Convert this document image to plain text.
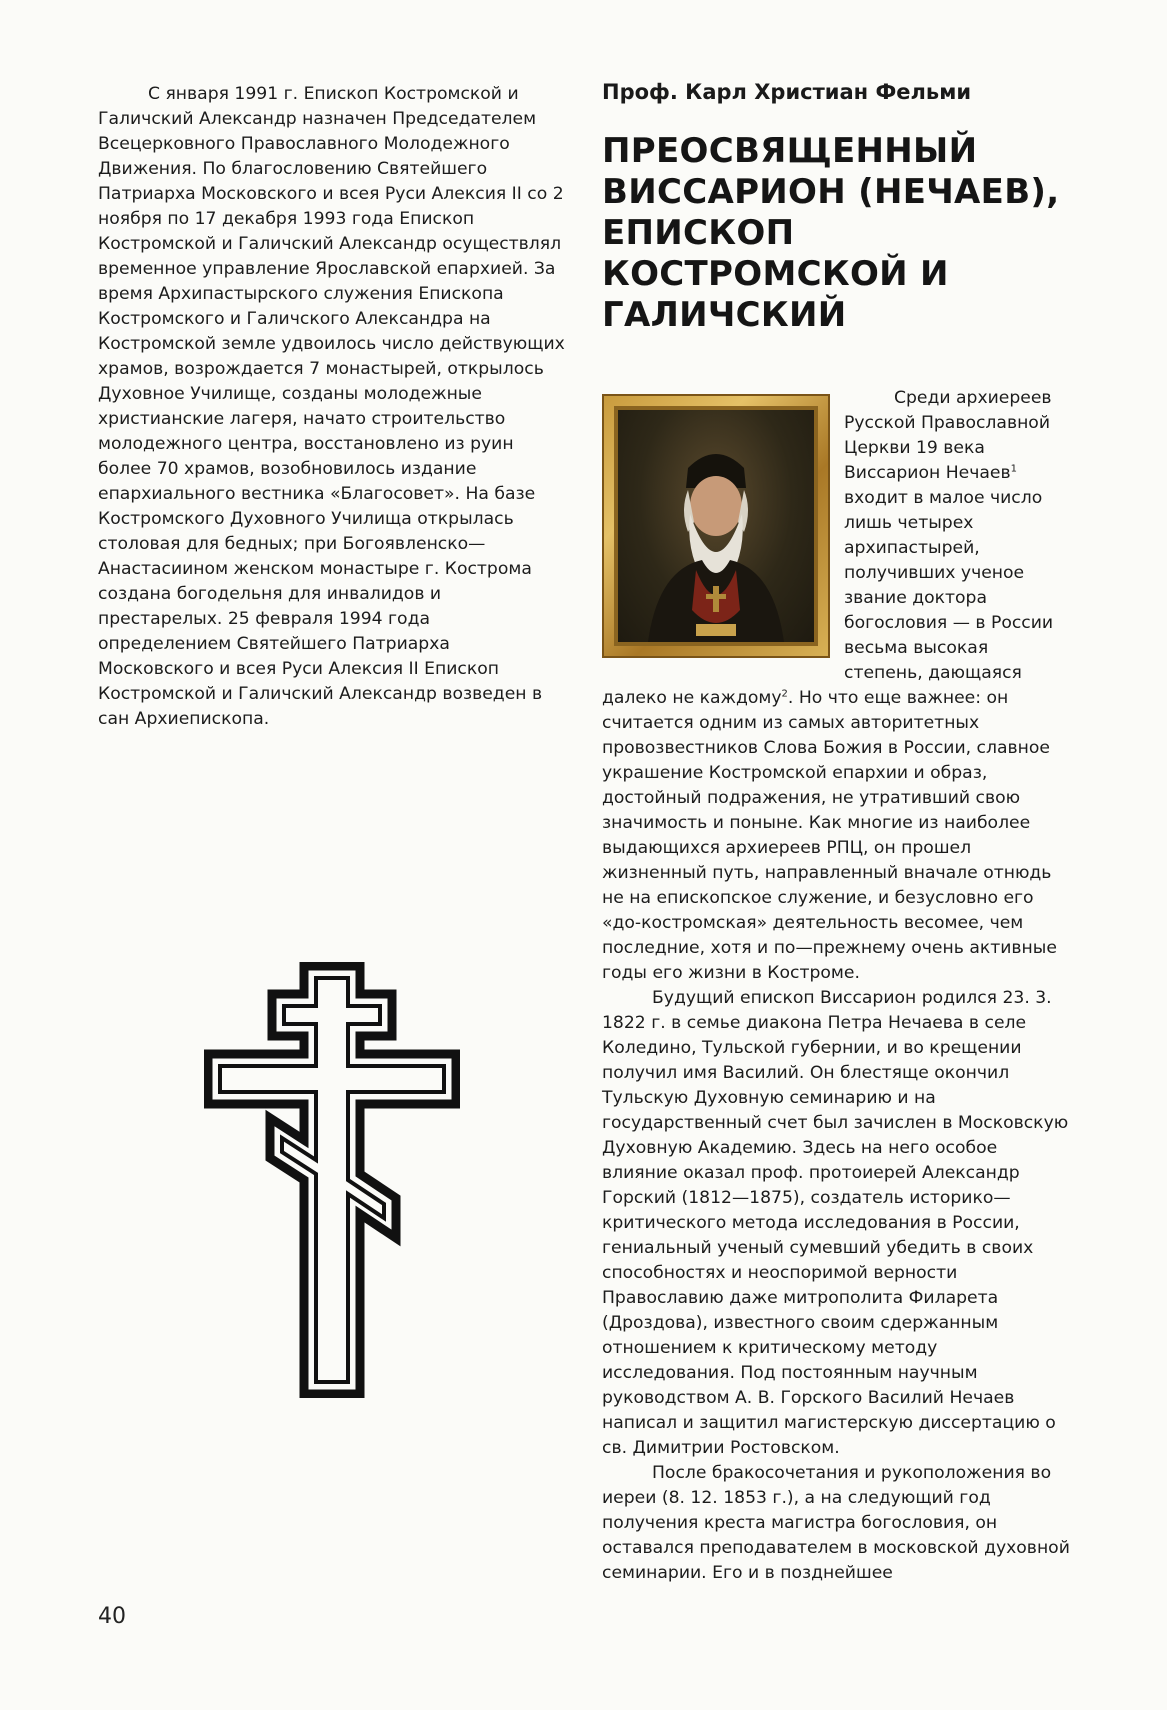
С января 1991 г. Епископ Костромской и Галичский Александр назначен Председателем Всецерковного Православного Молодежного Движения. По благословению Святейшего Патриарха Московского и всея Руси Алексия II со 2 ноября по 17 декабря 1993 года Епископ Костромской и Галичский Александр осуществлял временное управление Ярославской епархией. За время Архипастырского служения Епископа Костромского и Галичского Александра на Костромской земле удвоилось число действующих храмов, возрождается 7 монастырей, открылось Духовное Училище, созданы молодежные христианские лагеря, начато строительство молодежного центра, восстановлено из руин более 70 храмов, возобновилось издание епархиального вестника «Благосовет». На базе Костромского Духовного Училища открылась столовая для бедных; при Богоявленско—Анастасиином женском монастыре г. Кострома создана богодельня для инвалидов и престарелых. 25 февраля 1994 года определением Святейшего Патриарха Московского и всея Руси Алексия II Епископ Костромской и Галичский Александр возведен в сан Архиепископа.

Проф. Карл Христиан Фельми
ПРЕОСВЯЩЕННЫЙ
ВИССАРИОН (НЕЧАЕВ),
ЕПИСКОП
КОСТРОМСКОЙ И
ГАЛИЧСКИЙ

Среди архиереев Русской Православной Церкви 19 века Виссарион Нечаев$^1$ входит в малое число лишь четырех архипастырей, получивших ученое звание доктора богословия — в России весьма высокая степень, дающаяся далеко не каждому$^2$. Но что еще важнее: он считается одним из самых авторитетных провозвестников Слова Божия в России, славное украшение Костромской епархии и образ, достойный подражения, не утративший свою значимость и поныне. Как многие из наиболее выдающихся архиереев РПЦ, он прошел жизненный путь, направленный вначале отнюдь не на епископское служение, и безусловно его «до-костромская» деятельность весомее, чем последние, хотя и по—прежнему очень активные годы его жизни в Костроме.

Будущий епископ Виссарион родился 23. 3. 1822 г. в семье диакона Петра Нечаева в селе Коледино, Тульской губернии, и во крещении получил имя Василий. Он блестяще окончил Тульскую Духовную семинарию и на государственный счет был зачислен в Московскую Духовную Академию. Здесь на него особое влияние оказал проф. протоиерей Александр Горский (1812—1875), создатель историко—критического метода исследования в России, гениальный ученый сумевший убедить в своих способностях и неоспоримой верности Православию даже митрополита Филарета (Дроздова), известного своим сдержанным отношением к критическому методу исследования. Под постоянным научным руководством А. В. Горского Василий Нечаев написал и защитил магистерскую диссертацию о св. Димитрии Ростовском.

После бракосочетания и рукоположения во иереи (8. 12. 1853 г.), а на следующий год получения креста магистра богословия, он оставался преподавателем в московской духовной семинарии. Его и в позднейшее

40
